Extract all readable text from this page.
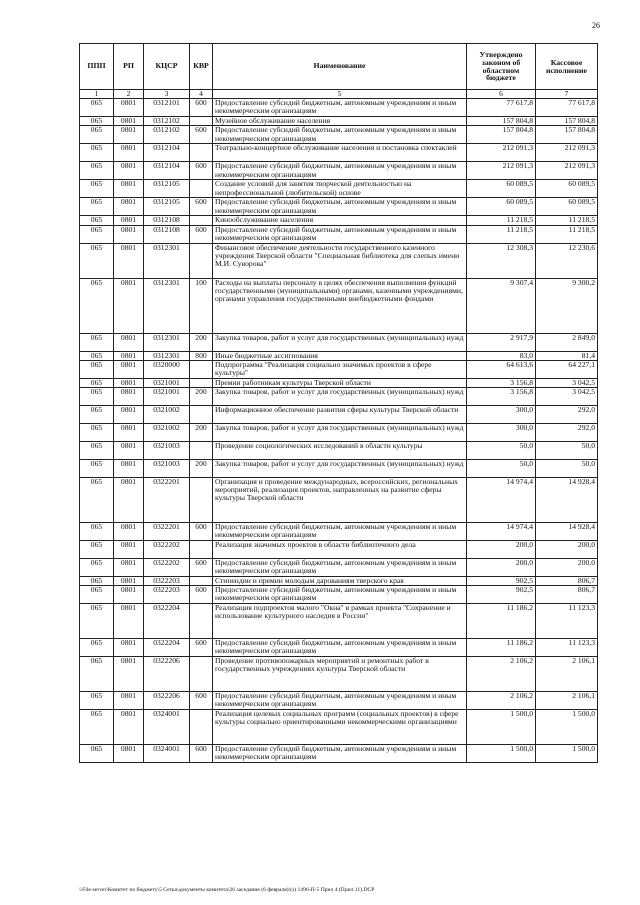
26
ППП	РП	КЦСР	КВР	Наименование	Утверждено законом об областном бюджете	Кассовое исполнение
1	2	3	4	5	6	7
065	0801	0312101	600	Предоставление субсидий бюджетным, автономным учреждениям и иным некоммерческим организациям	77 617,8	77 617,8
065	0801	0312102		Музейное обслуживание населения	157 804,8	157 804,8
065	0801	0312102	600	Предоставление субсидий бюджетным, автономным учреждениям и иным некоммерческим организациям	157 804,8	157 804,8
065	0801	0312104		Театрально-концертное обслуживание населения и постановка спектаклей	212 091,3	212 091,3
065	0801	0312104	600	Предоставление субсидий бюджетным, автономным учреждениям и иным некоммерческим организациям	212 091,3	212 091,3
065	0801	0312105		Создание условий для занятия творческой деятельностью на непрофессиональной (любительской) основе	60 089,5	60 089,5
065	0801	0312105	600	Предоставление субсидий бюджетным, автономным учреждениям и иным некоммерческим организациям	60 089,5	60 089,5
065	0801	0312108		Кинообслуживание населения	11 218,5	11 218,5
065	0801	0312108	600	Предоставление субсидий бюджетным, автономным учреждениям и иным некоммерческим организациям	11 218,5	11 218,5
065	0801	0312301		Финансовое обеспечение деятельности государственного казенного учреждения Тверской области "Специальная библиотека для слепых имени М.И. Суворова"	12 308,3	12 230,6
065	0801	0312301	100	Расходы на выплаты персоналу в целях обеспечения выполнения функций государственными (муниципальными) органами, казенными учреждениями, органами управления государственными внебюджетными фондами	9 307,4	9 300,2
065	0801	0312301	200	Закупка товаров, работ и услуг для государственных (муниципальных) нужд	2 917,9	2 849,0
065	0801	0312301	800	Иные бюджетные ассигнования	83,0	81,4
065	0801	0320000		Подпрограмма "Реализация социально значимых проектов в сфере культуры"	64 613,6	64 227,1
065	0801	0321001		Премии работникам культуры Тверской области	3 156,8	3 042,5
065	0801	0321001	200	Закупка товаров, работ и услуг для государственных (муниципальных) нужд	3 156,8	3 042,5
065	0801	0321002		Информационное обеспечение развития сферы культуры Тверской области	300,0	292,0
065	0801	0321002	200	Закупка товаров, работ и услуг для государственных (муниципальных) нужд	300,0	292,0
065	0801	0321003		Проведение социологических исследований в области культуры	50,0	50,0
065	0801	0321003	200	Закупка товаров, работ и услуг для государственных (муниципальных) нужд	50,0	50,0
065	0801	0322201		Организация и проведение международных, всероссийских, региональных мероприятий, реализация проектов, направленных на развитие сферы культуры Тверской области	14 974,4	14 928,4
065	0801	0322201	600	Предоставление субсидий бюджетным, автономным учреждениям и иным некоммерческим организациям	14 974,4	14 928,4
065	0801	0322202		Реализация значимых проектов в области библиотечного дела	200,0	200,0
065	0801	0322202	600	Предоставление субсидий бюджетным, автономным учреждениям и иным некоммерческим организациям	200,0	200,0
065	0801	0322203		Стипендии и премии молодым дарованиям тверского края	902,5	806,7
065	0801	0322203	600	Предоставление субсидий бюджетным, автономным учреждениям и иным некоммерческим организациям	902,5	806,7
065	0801	0322204		Реализация подпроектов малого "Окна" в рамках проекта "Сохранение и использование культурного наследия в России"	11 186,2	11 123,3
065	0801	0322204	600	Предоставление субсидий бюджетным, автономным учреждениям и иным некоммерческим организациям	11 186,2	11 123,3
065	0801	0322206		Проведение противопожарных мероприятий и ремонтных работ в государственных учреждениях культуры Тверской области	2 106,2	2 106,1
065	0801	0322206	600	Предоставление субсидий бюджетным, автономным учреждениям и иным некоммерческим организациям	2 106,2	2 106,1
065	0801	0324001		Реализация целевых социальных программ (социальных проектов) в сфере культуры социально ориентированными некоммерческими организациями	1 500,0	1 500,0
065	0801	0324001	600	Предоставление субсидий бюджетным, автономным учреждениям и иным некоммерческим организациям	1 500,0	1 500,0
\\File-server\Комитет по бюджету\5 Сетка\документы комитета\26 заседание (6 февраля)\(з) 1496-П-5 Прил 4 (Прил 11).DCP
